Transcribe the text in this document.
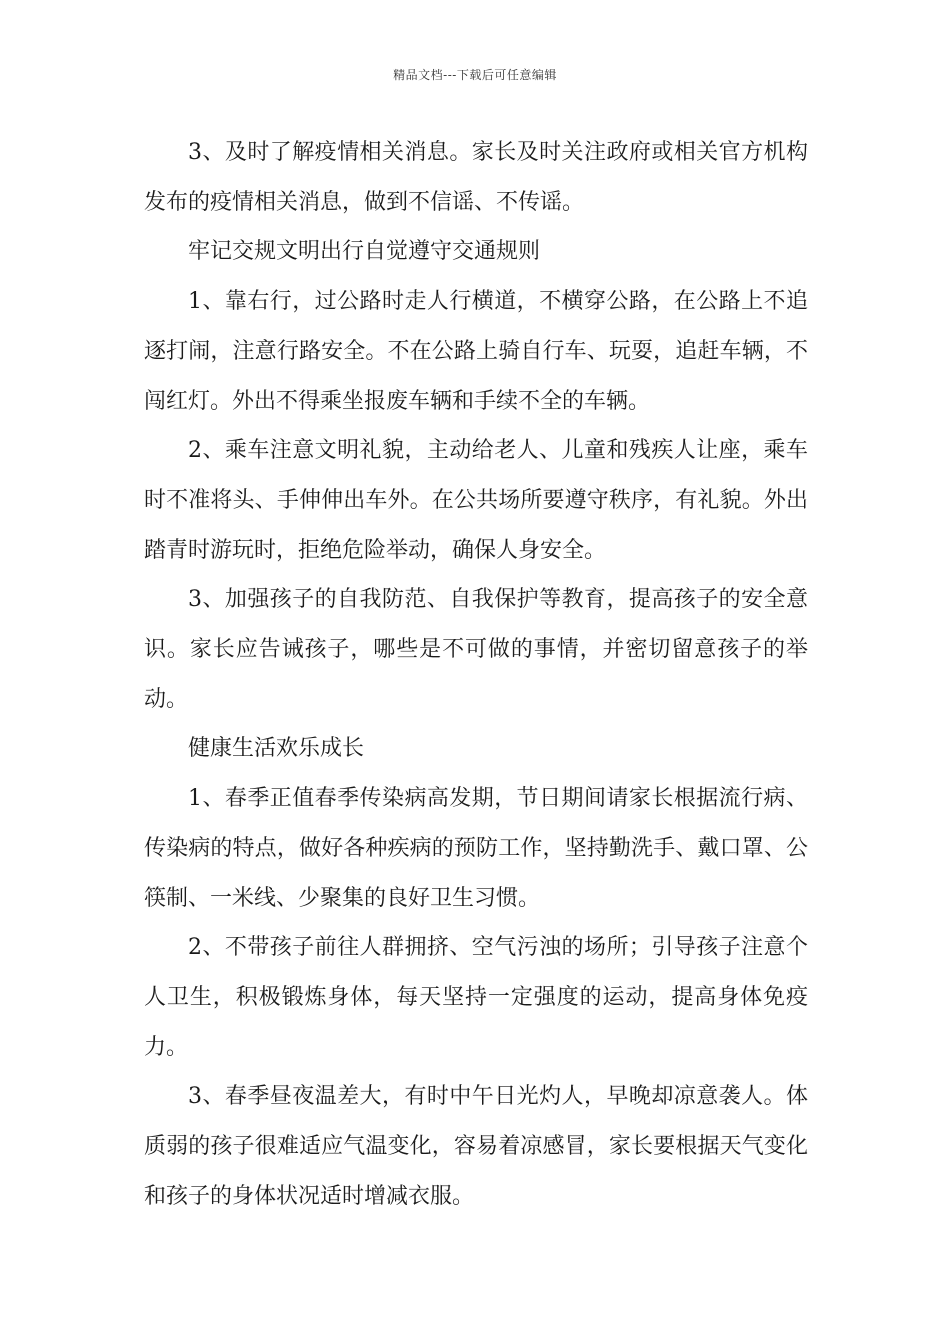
精品文档---下载后可任意编辑

3、及时了解疫情相关消息。家长及时关注政府或相关官方机构发布的疫情相关消息，做到不信谣、不传谣。

牢记交规文明出行自觉遵守交通规则

1、靠右行，过公路时走人行横道，不横穿公路，在公路上不追逐打闹，注意行路安全。不在公路上骑自行车、玩耍，追赶车辆，不闯红灯。外出不得乘坐报废车辆和手续不全的车辆。

2、乘车注意文明礼貌，主动给老人、儿童和残疾人让座，乘车时不准将头、手伸伸出车外。在公共场所要遵守秩序，有礼貌。外出踏青时游玩时，拒绝危险举动，确保人身安全。

3、加强孩子的自我防范、自我保护等教育，提高孩子的安全意识。家长应告诫孩子，哪些是不可做的事情，并密切留意孩子的举动。

健康生活欢乐成长

1、春季正值春季传染病高发期，节日期间请家长根据流行病、传染病的特点，做好各种疾病的预防工作，坚持勤洗手、戴口罩、公筷制、一米线、少聚集的良好卫生习惯。

2、不带孩子前往人群拥挤、空气污浊的场所；引导孩子注意个人卫生，积极锻炼身体，每天坚持一定强度的运动，提高身体免疫力。

3、春季昼夜温差大，有时中午日光灼人，早晚却凉意袭人。体质弱的孩子很难适应气温变化，容易着凉感冒，家长要根据天气变化和孩子的身体状况适时增减衣服。
